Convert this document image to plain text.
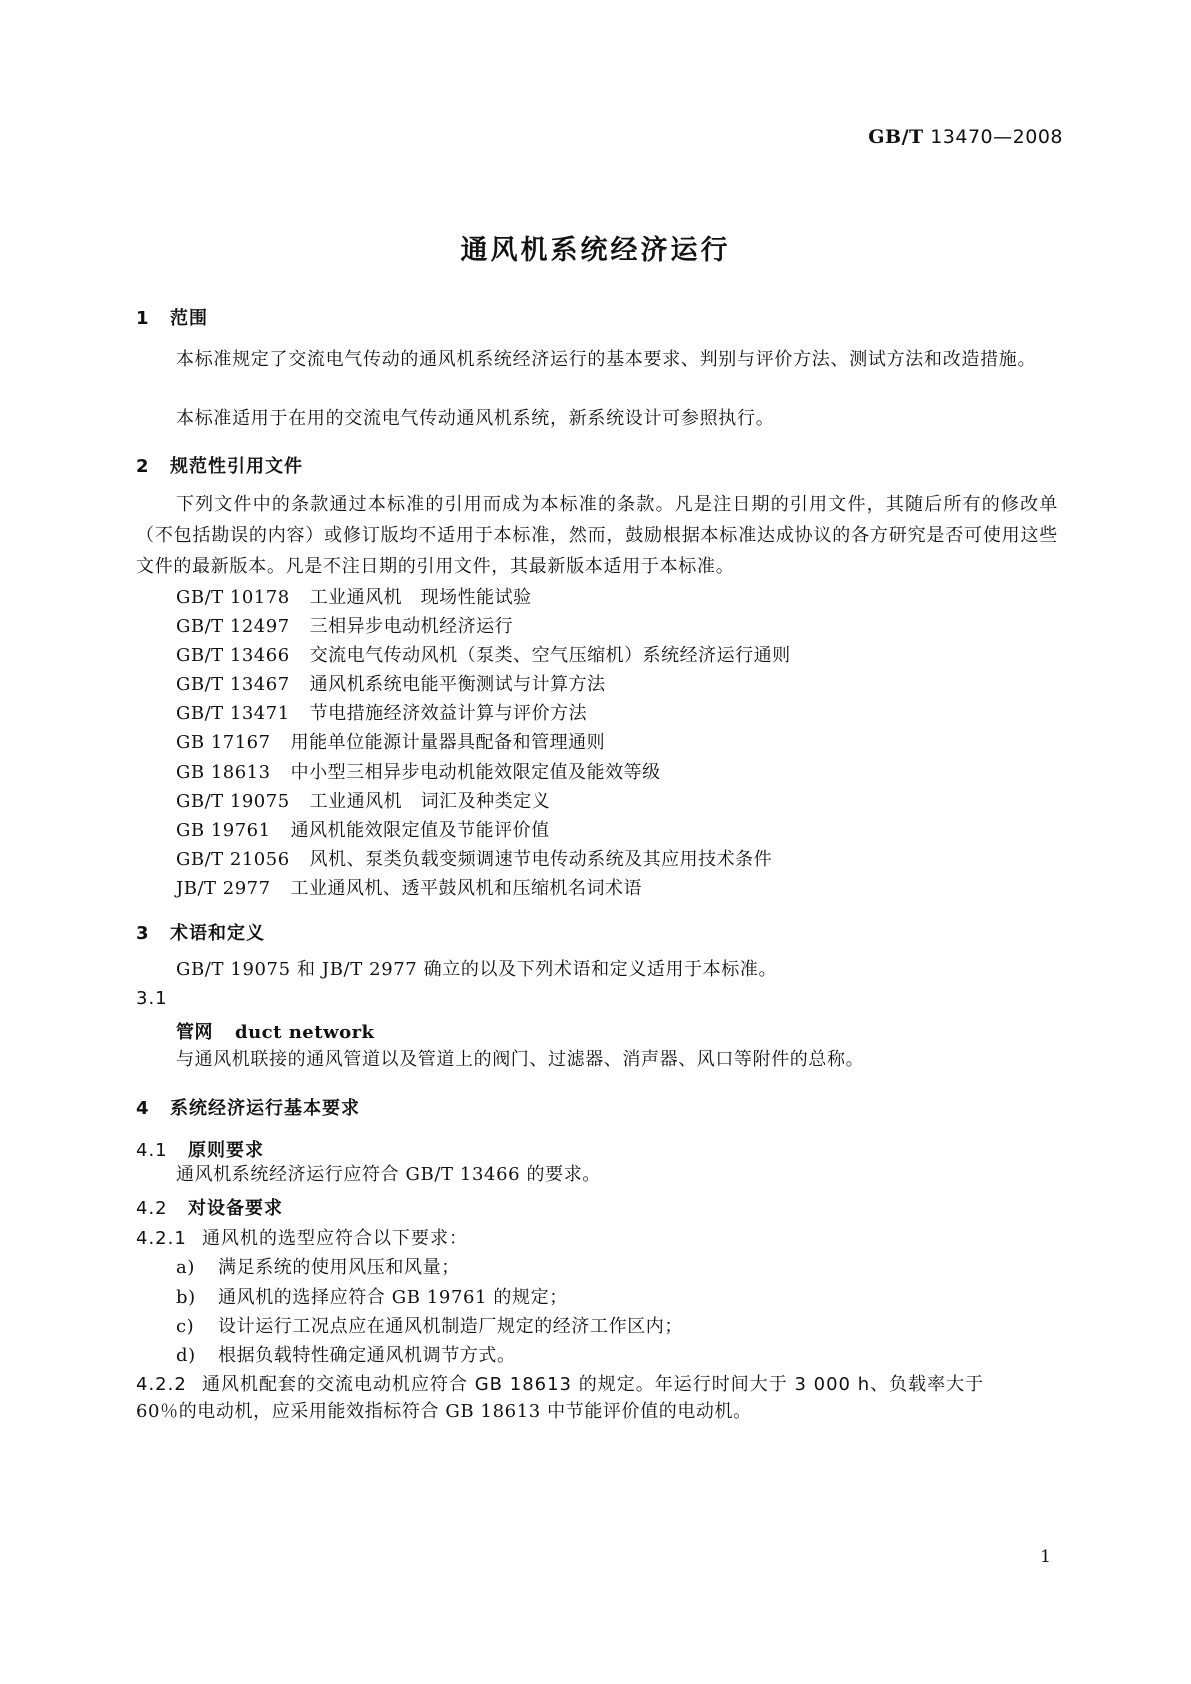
GB/T 13470—2008
通风机系统经济运行
1 范围
本标准规定了交流电气传动的通风机系统经济运行的基本要求、判别与评价方法、测试方法和改造措施。
本标准适用于在用的交流电气传动通风机系统，新系统设计可参照执行。
2 规范性引用文件
下列文件中的条款通过本标准的引用而成为本标准的条款。凡是注日期的引用文件，其随后所有的修改单（不包括勘误的内容）或修订版均不适用于本标准，然而，鼓励根据本标准达成协议的各方研究是否可使用这些文件的最新版本。凡是不注日期的引用文件，其最新版本适用于本标准。
GB/T 10178 工业通风机　现场性能试验
GB/T 12497 三相异步电动机经济运行
GB/T 13466 交流电气传动风机（泵类、空气压缩机）系统经济运行通则
GB/T 13467 通风机系统电能平衡测试与计算方法
GB/T 13471 节电措施经济效益计算与评价方法
GB 17167 用能单位能源计量器具配备和管理通则
GB 18613 中小型三相异步电动机能效限定值及能效等级
GB/T 19075 工业通风机　词汇及种类定义
GB 19761 通风机能效限定值及节能评价值
GB/T 21056 风机、泵类负载变频调速节电传动系统及其应用技术条件
JB/T 2977 工业通风机、透平鼓风机和压缩机名词术语
3 术语和定义
GB/T 19075 和 JB/T 2977 确立的以及下列术语和定义适用于本标准。
3.1
管网 duct network
与通风机联接的通风管道以及管道上的阀门、过滤器、消声器、风口等附件的总称。
4 系统经济运行基本要求
4.1 原则要求
通风机系统经济运行应符合 GB/T 13466 的要求。
4.2 对设备要求
4.2.1 通风机的选型应符合以下要求：
a) 满足系统的使用风压和风量；
b) 通风机的选择应符合 GB 19761 的规定；
c) 设计运行工况点应在通风机制造厂规定的经济工作区内；
d) 根据负载特性确定通风机调节方式。
4.2.2 通风机配套的交流电动机应符合 GB 18613 的规定。年运行时间大于 3 000 h、负载率大于
60％的电动机，应采用能效指标符合 GB 18613 中节能评价值的电动机。
1
